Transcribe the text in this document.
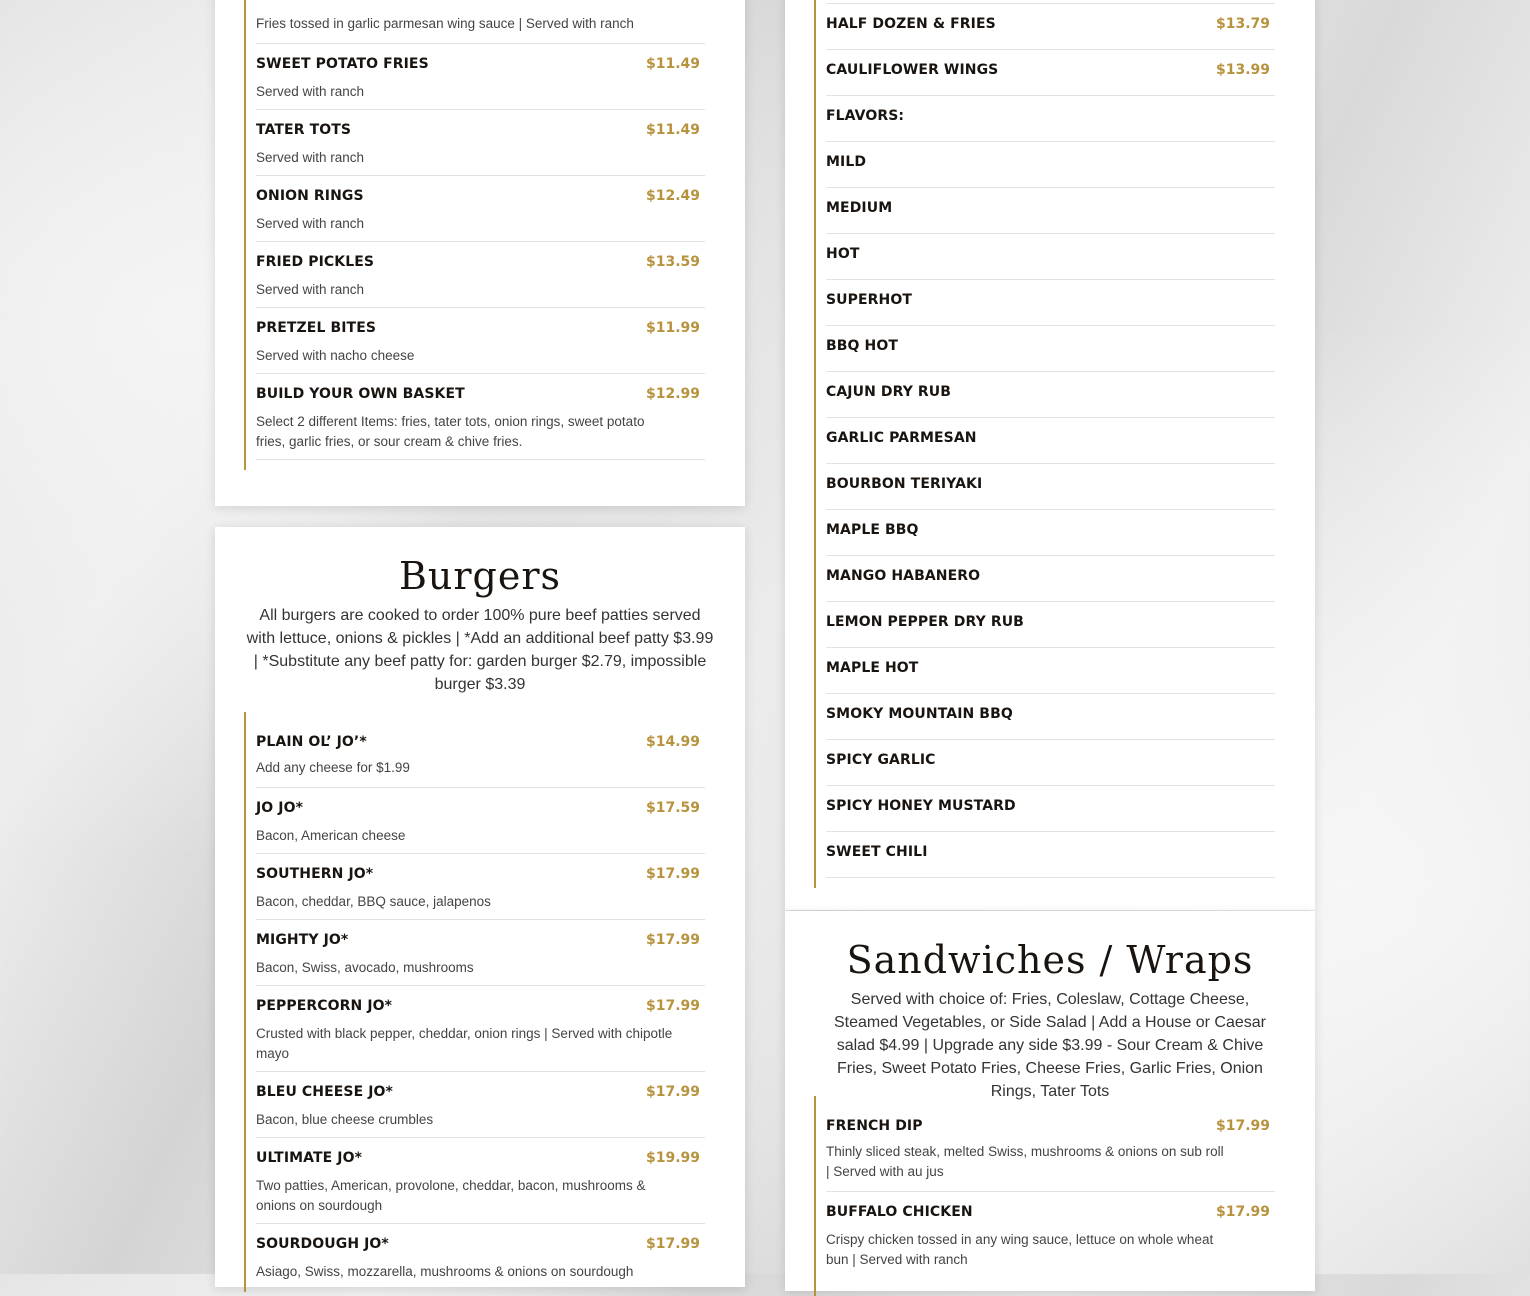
Fries tossed in garlic parmesan wing sauce | Served with ranch
SWEET POTATO FRIES	$11.49
Served with ranch
TATER TOTS	$11.49
Served with ranch
ONION RINGS	$12.49
Served with ranch
FRIED PICKLES	$13.59
Served with ranch
PRETZEL BITES	$11.99
Served with nacho cheese
BUILD YOUR OWN BASKET	$12.99
Select 2 different Items: fries, tater tots, onion rings, sweet potato fries, garlic fries, or sour cream & chive fries.
Burgers
All burgers are cooked to order 100% pure beef patties served with lettuce, onions & pickles | *Add an additional beef patty $3.99 | *Substitute any beef patty for: garden burger $2.79, impossible burger $3.39
PLAIN OL’ JO’*	$14.99
Add any cheese for $1.99
JO JO*	$17.59
Bacon, American cheese
SOUTHERN JO*	$17.99
Bacon, cheddar, BBQ sauce, jalapenos
MIGHTY JO*	$17.99
Bacon, Swiss, avocado, mushrooms
PEPPERCORN JO*	$17.99
Crusted with black pepper, cheddar, onion rings | Served with chipotle mayo
BLEU CHEESE JO*	$17.99
Bacon, blue cheese crumbles
ULTIMATE JO*	$19.99
Two patties, American, provolone, cheddar, bacon, mushrooms & onions on sourdough
SOURDOUGH JO*	$17.99
Asiago, Swiss, mozzarella, mushrooms & onions on sourdough
HALF DOZEN & FRIES	$13.79
CAULIFLOWER WINGS	$13.99
FLAVORS:
MILD
MEDIUM
HOT
SUPERHOT
BBQ HOT
CAJUN DRY RUB
GARLIC PARMESAN
BOURBON TERIYAKI
MAPLE BBQ
MANGO HABANERO
LEMON PEPPER DRY RUB
MAPLE HOT
SMOKY MOUNTAIN BBQ
SPICY GARLIC
SPICY HONEY MUSTARD
SWEET CHILI
Sandwiches / Wraps
Served with choice of: Fries, Coleslaw, Cottage Cheese, Steamed Vegetables, or Side Salad | Add a House or Caesar salad $4.99 | Upgrade any side $3.99 - Sour Cream & Chive Fries, Sweet Potato Fries, Cheese Fries, Garlic Fries, Onion Rings, Tater Tots
FRENCH DIP	$17.99
Thinly sliced steak, melted Swiss, mushrooms & onions on sub roll | Served with au jus
BUFFALO CHICKEN	$17.99
Crispy chicken tossed in any wing sauce, lettuce on whole wheat bun | Served with ranch
